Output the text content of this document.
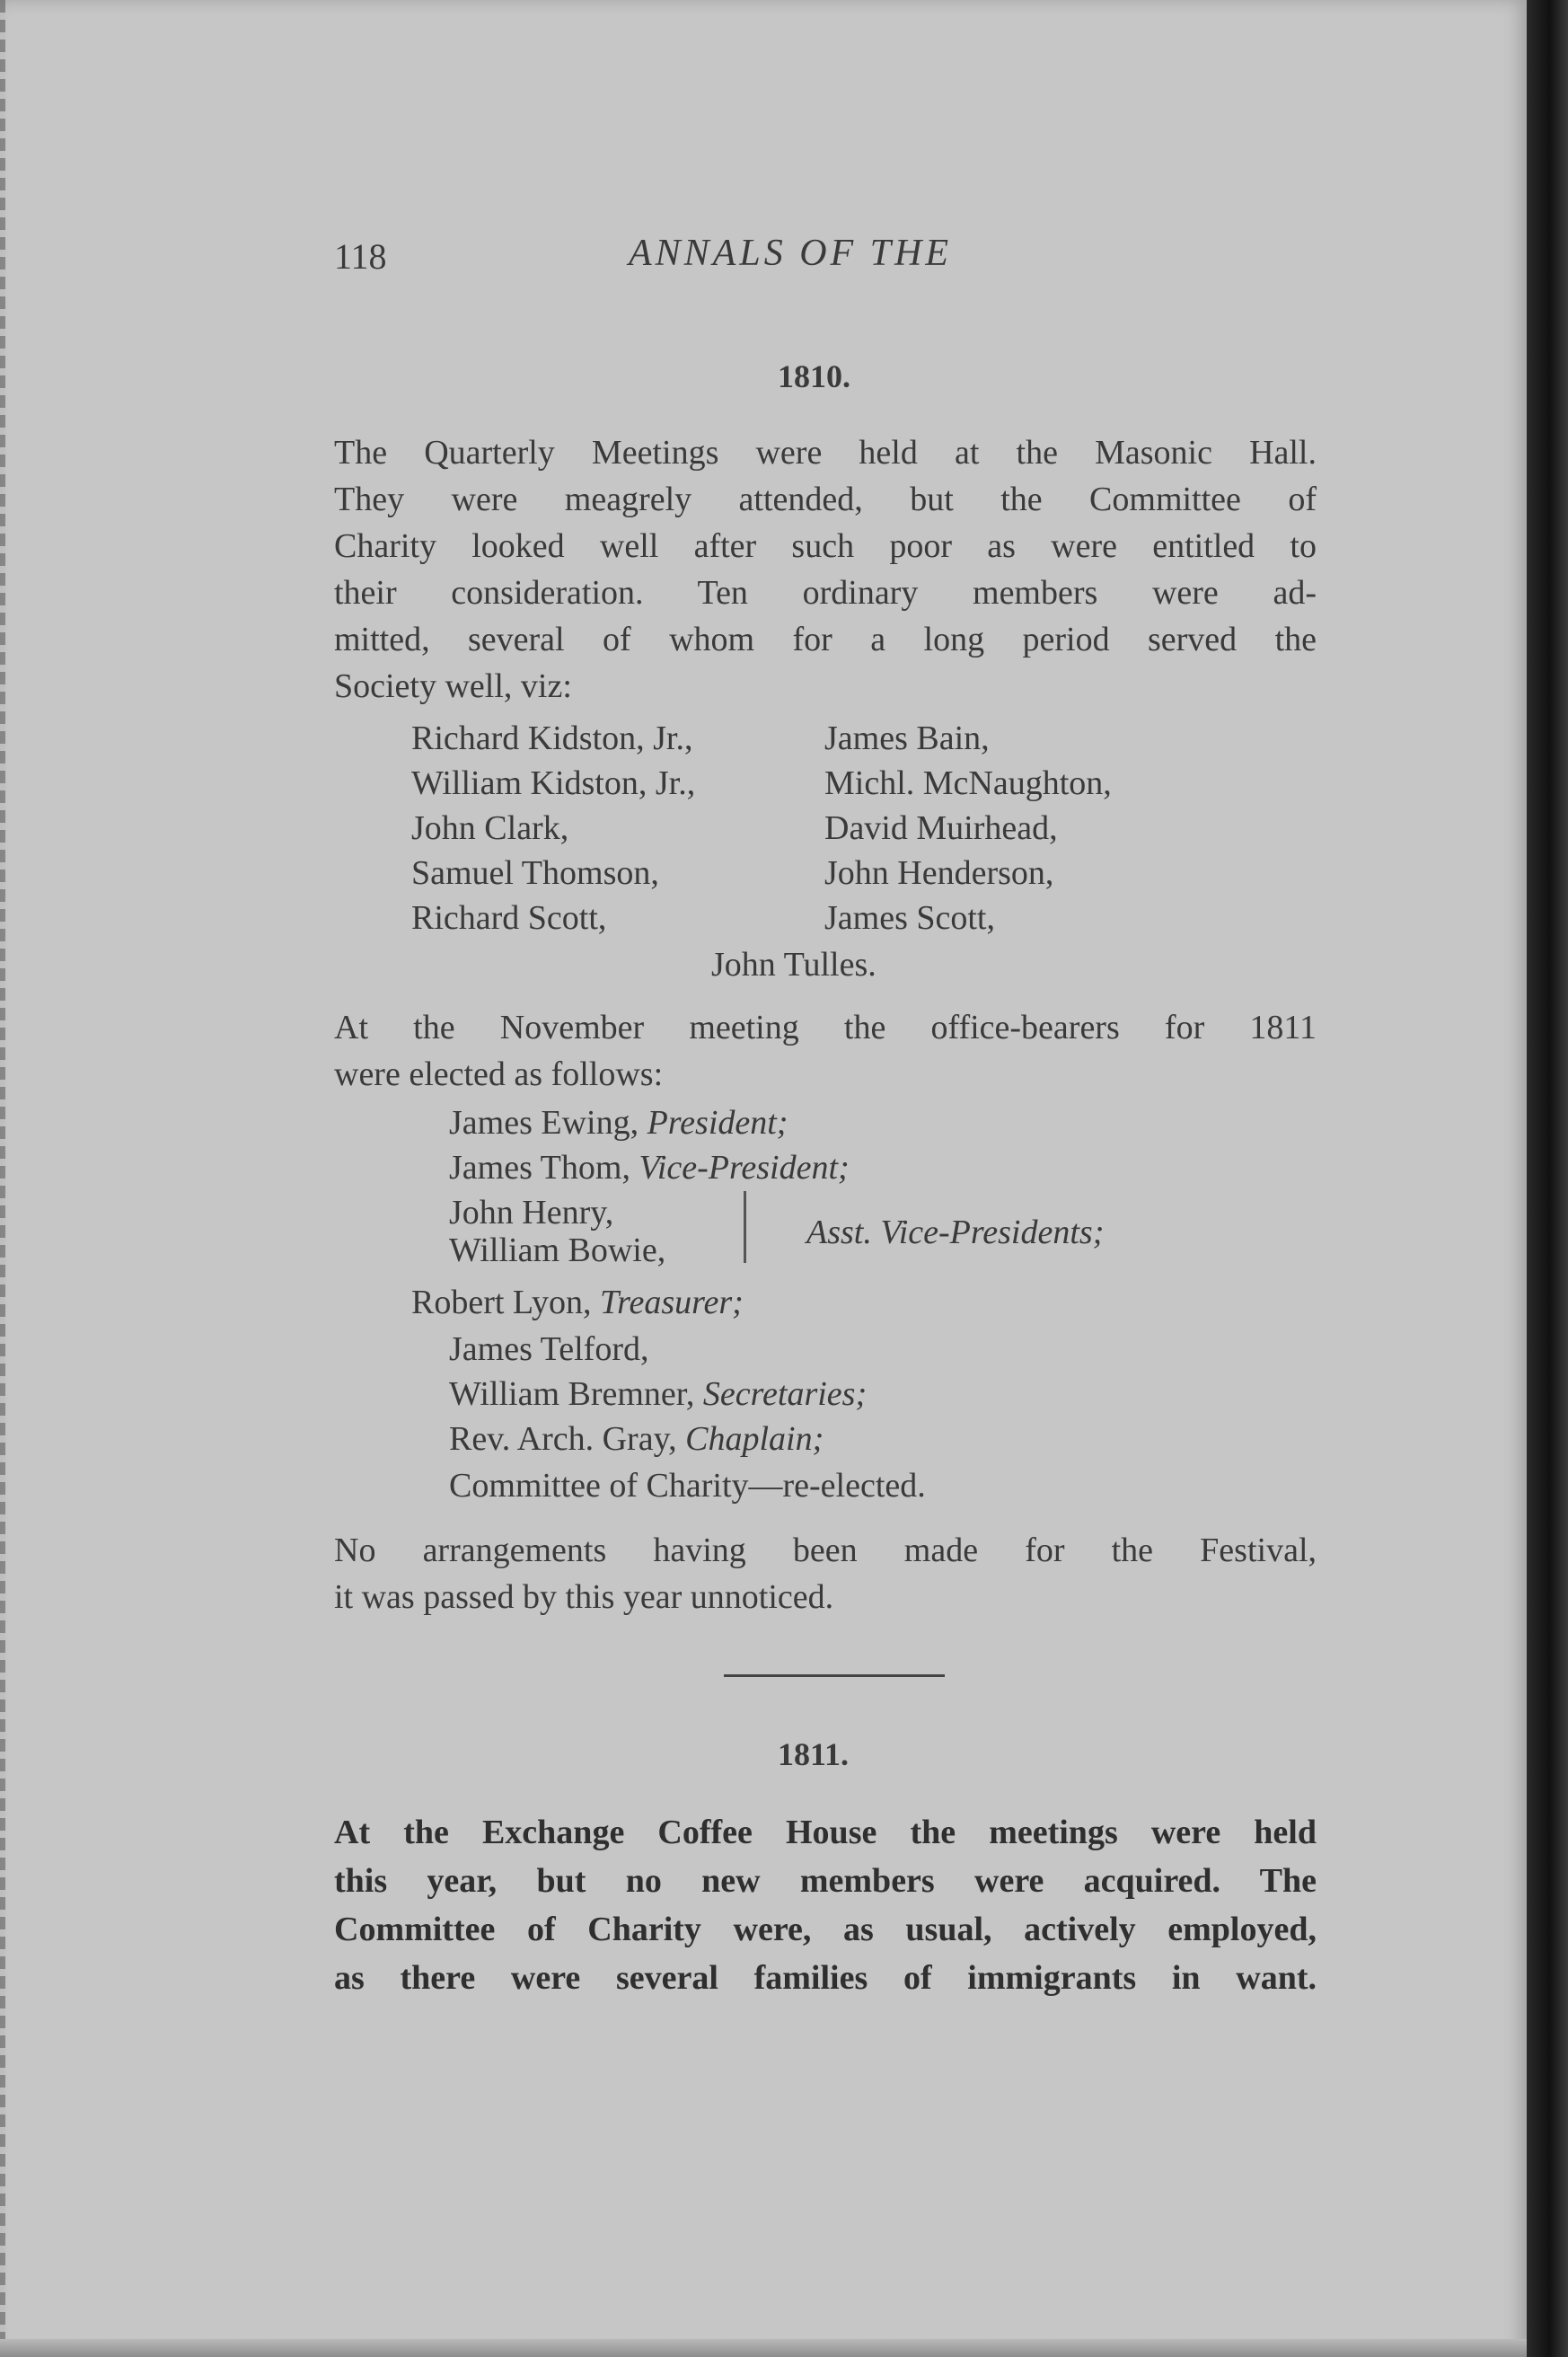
118	ANNALS OF THE
1810.
The Quarterly Meetings were held at the Masonic Hall.
They were meagrely attended, but the Committee of
Charity looked well after such poor as were entitled to
their consideration. Ten ordinary members were ad-
mitted, several of whom for a long period served the
Society well, viz:
Richard Kidston, Jr.,
William Kidston, Jr.,
John Clark,
Samuel Thomson,
Richard Scott,
James Bain,
Michl. McNaughton,
David Muirhead,
John Henderson,
James Scott,
John Tulles.
At the November meeting the office-bearers for 1811
were elected as follows:
James Ewing, President;
James Thom, Vice-President;
John Henry,
William Bowie,	Asst. Vice-Presidents;
Robert Lyon, Treasurer;
James Telford,
William Bremner, Secretaries;
Rev. Arch. Gray, Chaplain;
Committee of Charity—re-elected.
No arrangements having been made for the Festival,
it was passed by this year unnoticed.
1811.
At the Exchange Coffee House the meetings were held
this year, but no new members were acquired. The
Committee of Charity were, as usual, actively employed,
as there were several families of immigrants in want.
